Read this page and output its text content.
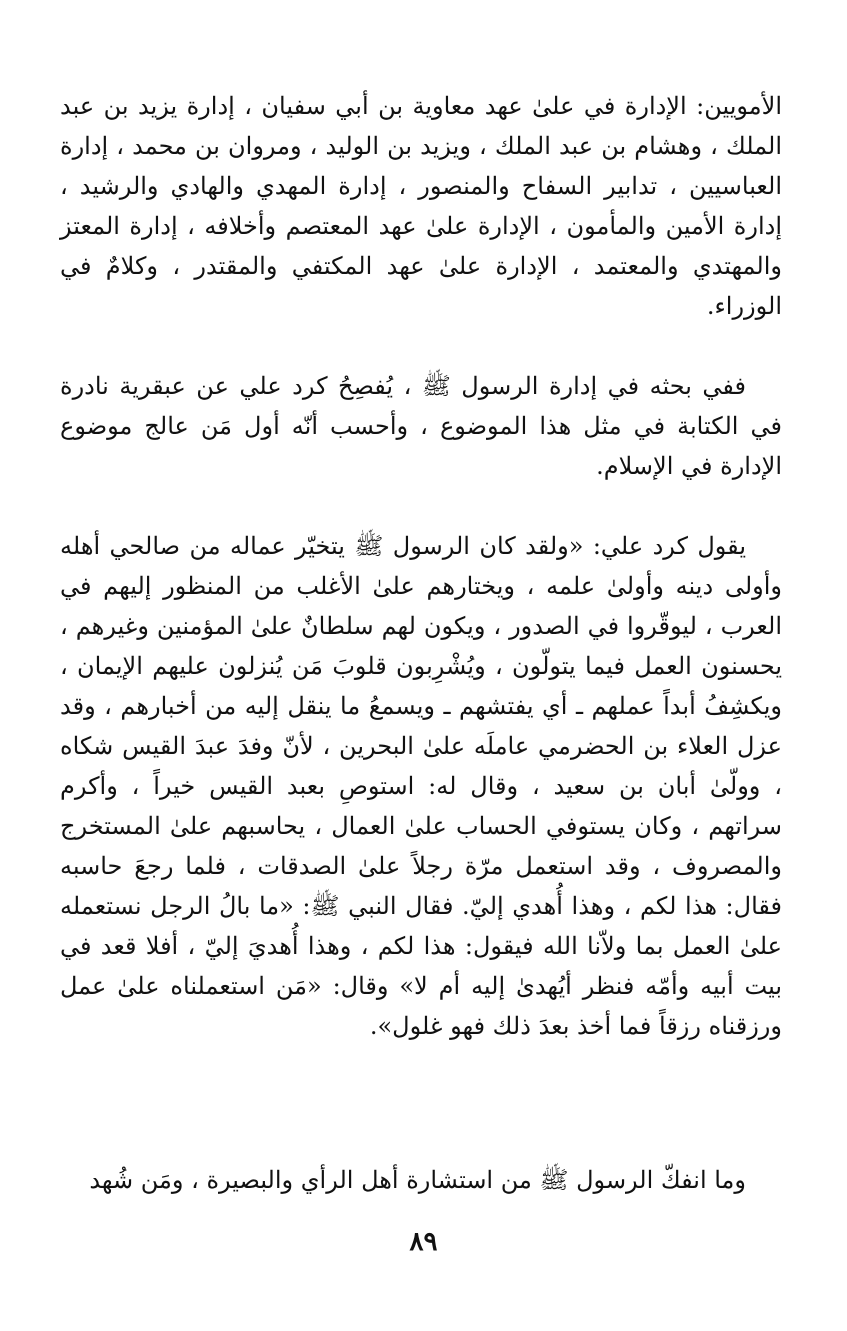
الأمويين: الإدارة في علىٰ عهد معاوية بن أبي سفيان ، إدارة يزيد بن عبد الملك ، وهشام بن عبد الملك ، ويزيد بن الوليد ، ومروان بن محمد ، إدارة العباسيين ، تدابير السفاح والمنصور ، إدارة المهدي والهادي والرشيد ، إدارة الأمين والمأمون ، الإدارة علىٰ عهد المعتصم وأخلافه ، إدارة المعتز والمهتدي والمعتمد ، الإدارة علىٰ عهد المكتفي والمقتدر ، وكلامٌ في الوزراء.

ففي بحثه في إدارة الرسول ﷺ ، يُفصِحُ كرد علي عن عبقرية نادرة في الكتابة في مثل هذا الموضوع ، وأحسب أنّه أول مَن عالج موضوع الإدارة في الإسلام.

يقول كرد علي: «ولقد كان الرسول ﷺ يتخيّر عماله من صالحي أهله وأولى دينه وأولىٰ علمه ، ويختارهم علىٰ الأغلب من المنظور إليهم في العرب ، ليوقّروا في الصدور ، ويكون لهم سلطانٌ علىٰ المؤمنين وغيرهم ، يحسنون العمل فيما يتولّون ، ويُشْرِبون قلوبَ مَن يُنزلون عليهم الإيمان ، ويكشِفُ أبداً عملهم ـ أي يفتشهم ـ ويسمعُ ما ينقل إليه من أخبارهم ، وقد عزل العلاء بن الحضرمي عاملَه علىٰ البحرين ، لأنّ وفدَ عبدَ القيس شكاه ، وولّىٰ أبان بن سعيد ، وقال له: استوصِ بعبد القيس خيراً ، وأكرم سراتهم ، وكان يستوفي الحساب علىٰ العمال ، يحاسبهم علىٰ المستخرج والمصروف ، وقد استعمل مرّة رجلاً علىٰ الصدقات ، فلما رجعَ حاسبه فقال: هذا لكم ، وهذا أُهدي إليّ. فقال النبي ﷺ: «ما بالُ الرجل نستعمله علىٰ العمل بما ولاّنا الله فيقول: هذا لكم ، وهذا أُهديَ إليّ ، أفلا قعد في بيت أبيه وأمّه فنظر أيُهدىٰ إليه أم لا» وقال: «مَن استعملناه علىٰ عمل ورزقناه رزقاً فما أخذ بعدَ ذلك فهو غلول».

وما انفكّ الرسول ﷺ من استشارة أهل الرأي والبصيرة ، ومَن شُهد

٨٩
